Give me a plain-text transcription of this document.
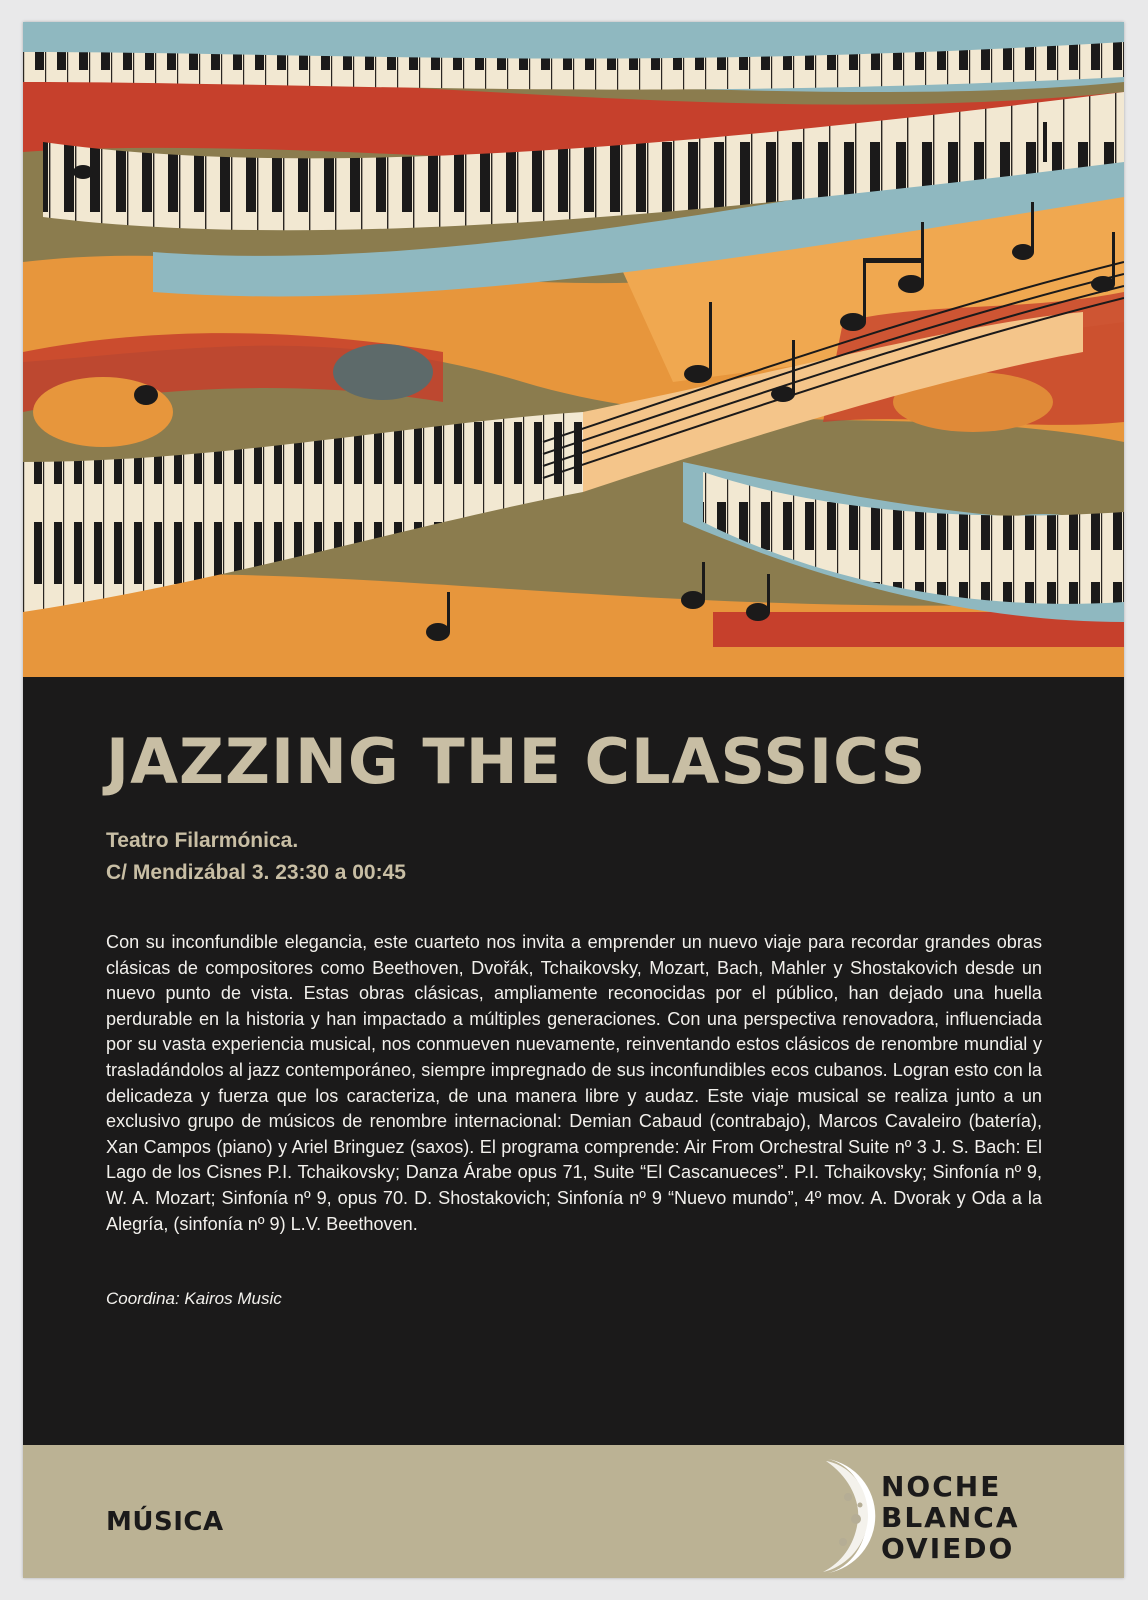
JAZZING THE CLASSICS
Teatro Filarmónica.
C/ Mendizábal 3. 23:30 a 00:45

Con su inconfundible elegancia, este cuarteto nos invita a emprender un nuevo viaje para recordar grandes obras clásicas de compositores como Beethoven, Dvořák, Tchaikovsky, Mozart, Bach, Mahler y Shostakovich desde un nuevo punto de vista. Estas obras clásicas, ampliamente reconocidas por el público, han dejado una huella perdurable en la historia y han impactado a múltiples generaciones. Con una perspectiva renovadora, influenciada por su vasta experiencia musical, nos conmueven nuevamente, reinventando estos clásicos de renombre mundial y trasladándolos al jazz contemporáneo, siempre impregnado de sus inconfundibles ecos cubanos. Logran esto con la delicadeza y fuerza que los caracteriza, de una manera libre y audaz. Este viaje musical se realiza junto a un exclusivo grupo de músicos de renombre internacional: Demian Cabaud (contrabajo), Marcos Cavaleiro (batería), Xan Campos (piano) y Ariel Bringuez (saxos). El programa comprende: Air From Orchestral Suite nº 3 J. S. Bach: El Lago de los Cisnes P.I. Tchaikovsky; Danza Árabe opus 71, Suite “El Cascanueces”. P.I. Tchaikovsky; Sinfonía nº 9, W. A. Mozart; Sinfonía nº 9, opus 70. D. Shostakovich; Sinfonía nº 9 “Nuevo mundo”, 4º mov. A. Dvorak y Oda a la Alegría, (sinfonía nº 9) L.V. Beethoven.

Coordina: Kairos Music

MÚSICA
NOCHE
BLANCA
OVIEDO
